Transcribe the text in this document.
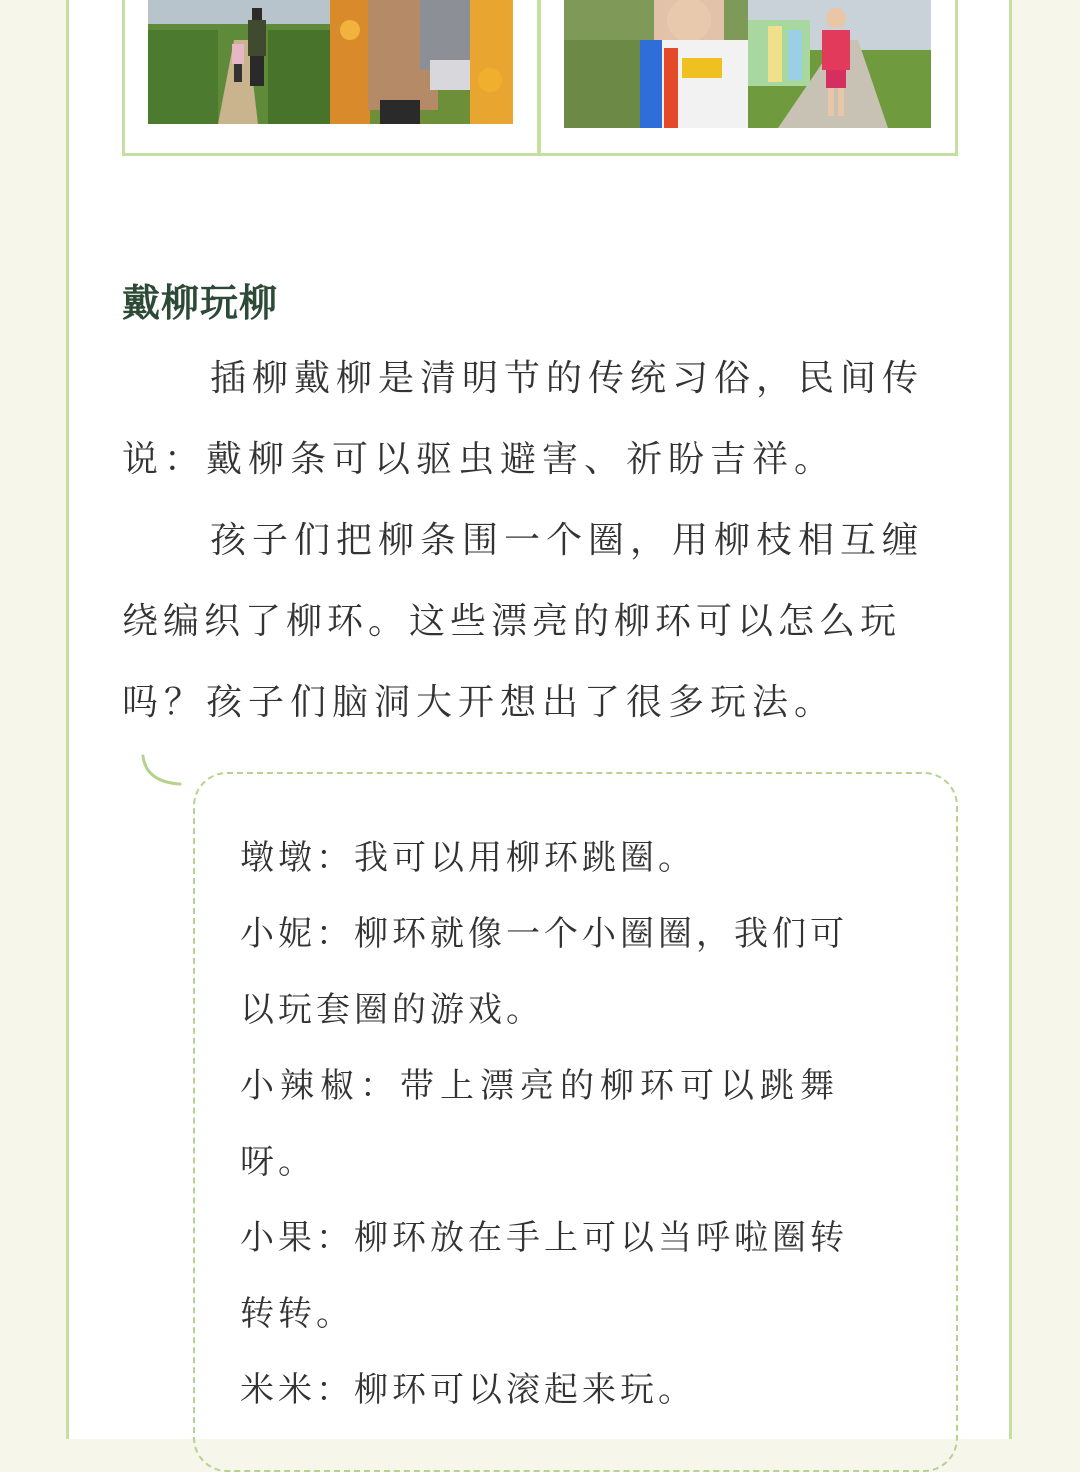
戴柳玩柳
插柳戴柳是清明节的传统习俗，民间传
说：戴柳条可以驱虫避害、祈盼吉祥。
孩子们把柳条围一个圈，用柳枝相互缠
绕编织了柳环。这些漂亮的柳环可以怎么玩
吗？孩子们脑洞大开想出了很多玩法。
墩墩：我可以用柳环跳圈。
小妮：柳环就像一个小圈圈，我们可
以玩套圈的游戏。
小辣椒：带上漂亮的柳环可以跳舞
呀。
小果：柳环放在手上可以当呼啦圈转
转转。
米米：柳环可以滚起来玩。
